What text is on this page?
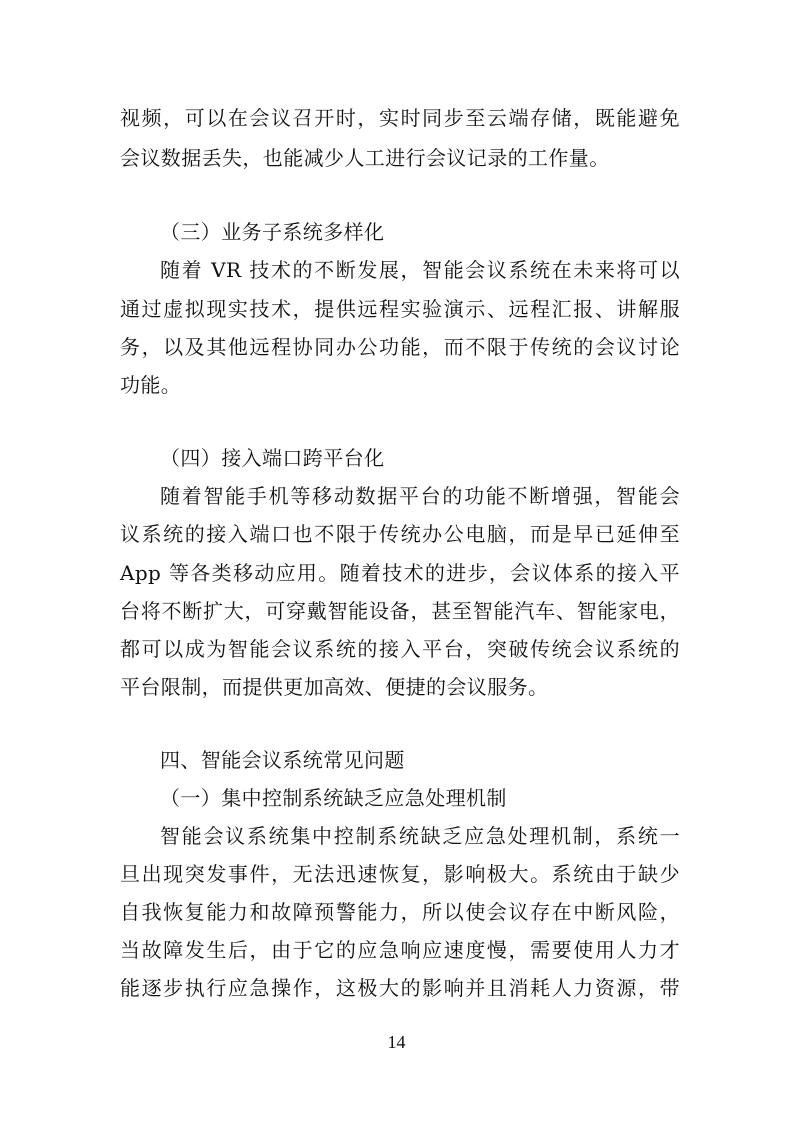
视频，可以在会议召开时，实时同步至云端存储，既能避免
会议数据丢失，也能减少人工进行会议记录的工作量。
（三）业务子系统多样化
随着 VR 技术的不断发展，智能会议系统在未来将可以
通过虚拟现实技术，提供远程实验演示、远程汇报、讲解服
务，以及其他远程协同办公功能，而不限于传统的会议讨论
功能。
（四）接入端口跨平台化
随着智能手机等移动数据平台的功能不断增强，智能会
议系统的接入端口也不限于传统办公电脑，而是早已延伸至
App 等各类移动应用。随着技术的进步，会议体系的接入平
台将不断扩大，可穿戴智能设备，甚至智能汽车、智能家电，
都可以成为智能会议系统的接入平台，突破传统会议系统的
平台限制，而提供更加高效、便捷的会议服务。
四、智能会议系统常见问题
（一）集中控制系统缺乏应急处理机制
智能会议系统集中控制系统缺乏应急处理机制，系统一
旦出现突发事件，无法迅速恢复，影响极大。系统由于缺少
自我恢复能力和故障预警能力，所以使会议存在中断风险，
当故障发生后，由于它的应急响应速度慢，需要使用人力才
能逐步执行应急操作，这极大的影响并且消耗人力资源，带
14
